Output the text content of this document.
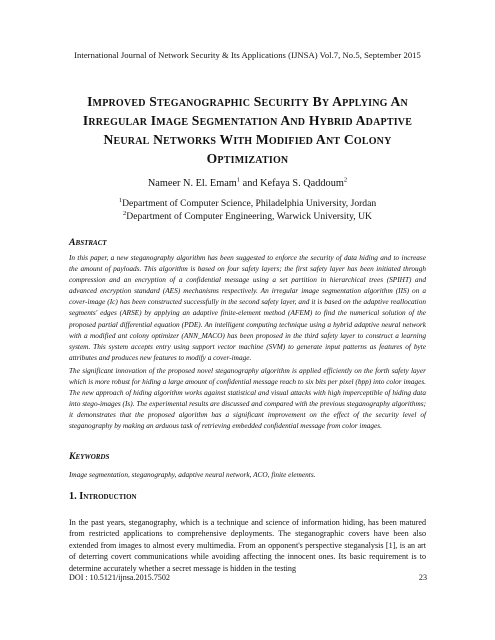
International Journal of Network Security & Its Applications (IJNSA) Vol.7, No.5, September 2015
Improved Steganographic Security By Applying An Irregular Image Segmentation And Hybrid Adaptive Neural Networks With Modified Ant Colony Optimization
Nameer N. El. Emam$^1$ and Kefaya S. Qaddoum$^2$
$^1$Department of Computer Science, Philadelphia University, Jordan
$^2$Department of Computer Engineering, Warwick University, UK
Abstract
In this paper, a new steganography algorithm has been suggested to enforce the security of data hiding and to increase the amount of payloads. This algorithm is based on four safety layers; the first safety layer has been initiated through compression and an encryption of a confidential message using a set partition in hierarchical trees (SPIHT) and advanced encryption standard (AES) mechanisms respectively. An irregular image segmentation algorithm (IIS) on a cover-image (Ic) has been constructed successfully in the second safety layer, and it is based on the adaptive reallocation segments' edges (ARSE) by applying an adaptive finite-element method (AFEM) to find the numerical solution of the proposed partial differential equation (PDE). An intelligent computing technique using a hybrid adaptive neural network with a modified ant colony optimizer (ANN_MACO) has been proposed in the third safety layer to construct a learning system. This system accepts entry using support vector machine (SVM) to generate input patterns as features of byte attributes and produces new features to modify a cover-image.
The significant innovation of the proposed novel steganography algorithm is applied efficiently on the forth safety layer which is more robust for hiding a large amount of confidential message reach to six bits per pixel (bpp) into color images. The new approach of hiding algorithm works against statistical and visual attacks with high imperceptible of hiding data into stego-images (Is). The experimental results are discussed and compared with the previous steganography algorithms; it demonstrates that the proposed algorithm has a significant improvement on the effect of the security level of steganography by making an arduous task of retrieving embedded confidential message from color images.
Keywords
Image segmentation, steganography, adaptive neural network, ACO, finite elements.
1. Introduction
In the past years, steganography, which is a technique and science of information hiding, has been matured from restricted applications to comprehensive deployments. The steganographic covers have been also extended from images to almost every multimedia. From an opponent's perspective steganalysis [1], is an art of deterring covert communications while avoiding affecting the innocent ones. Its basic requirement is to determine accurately whether a secret message is hidden in the testing
DOI : 10.5121/ijnsa.2015.7502	23
